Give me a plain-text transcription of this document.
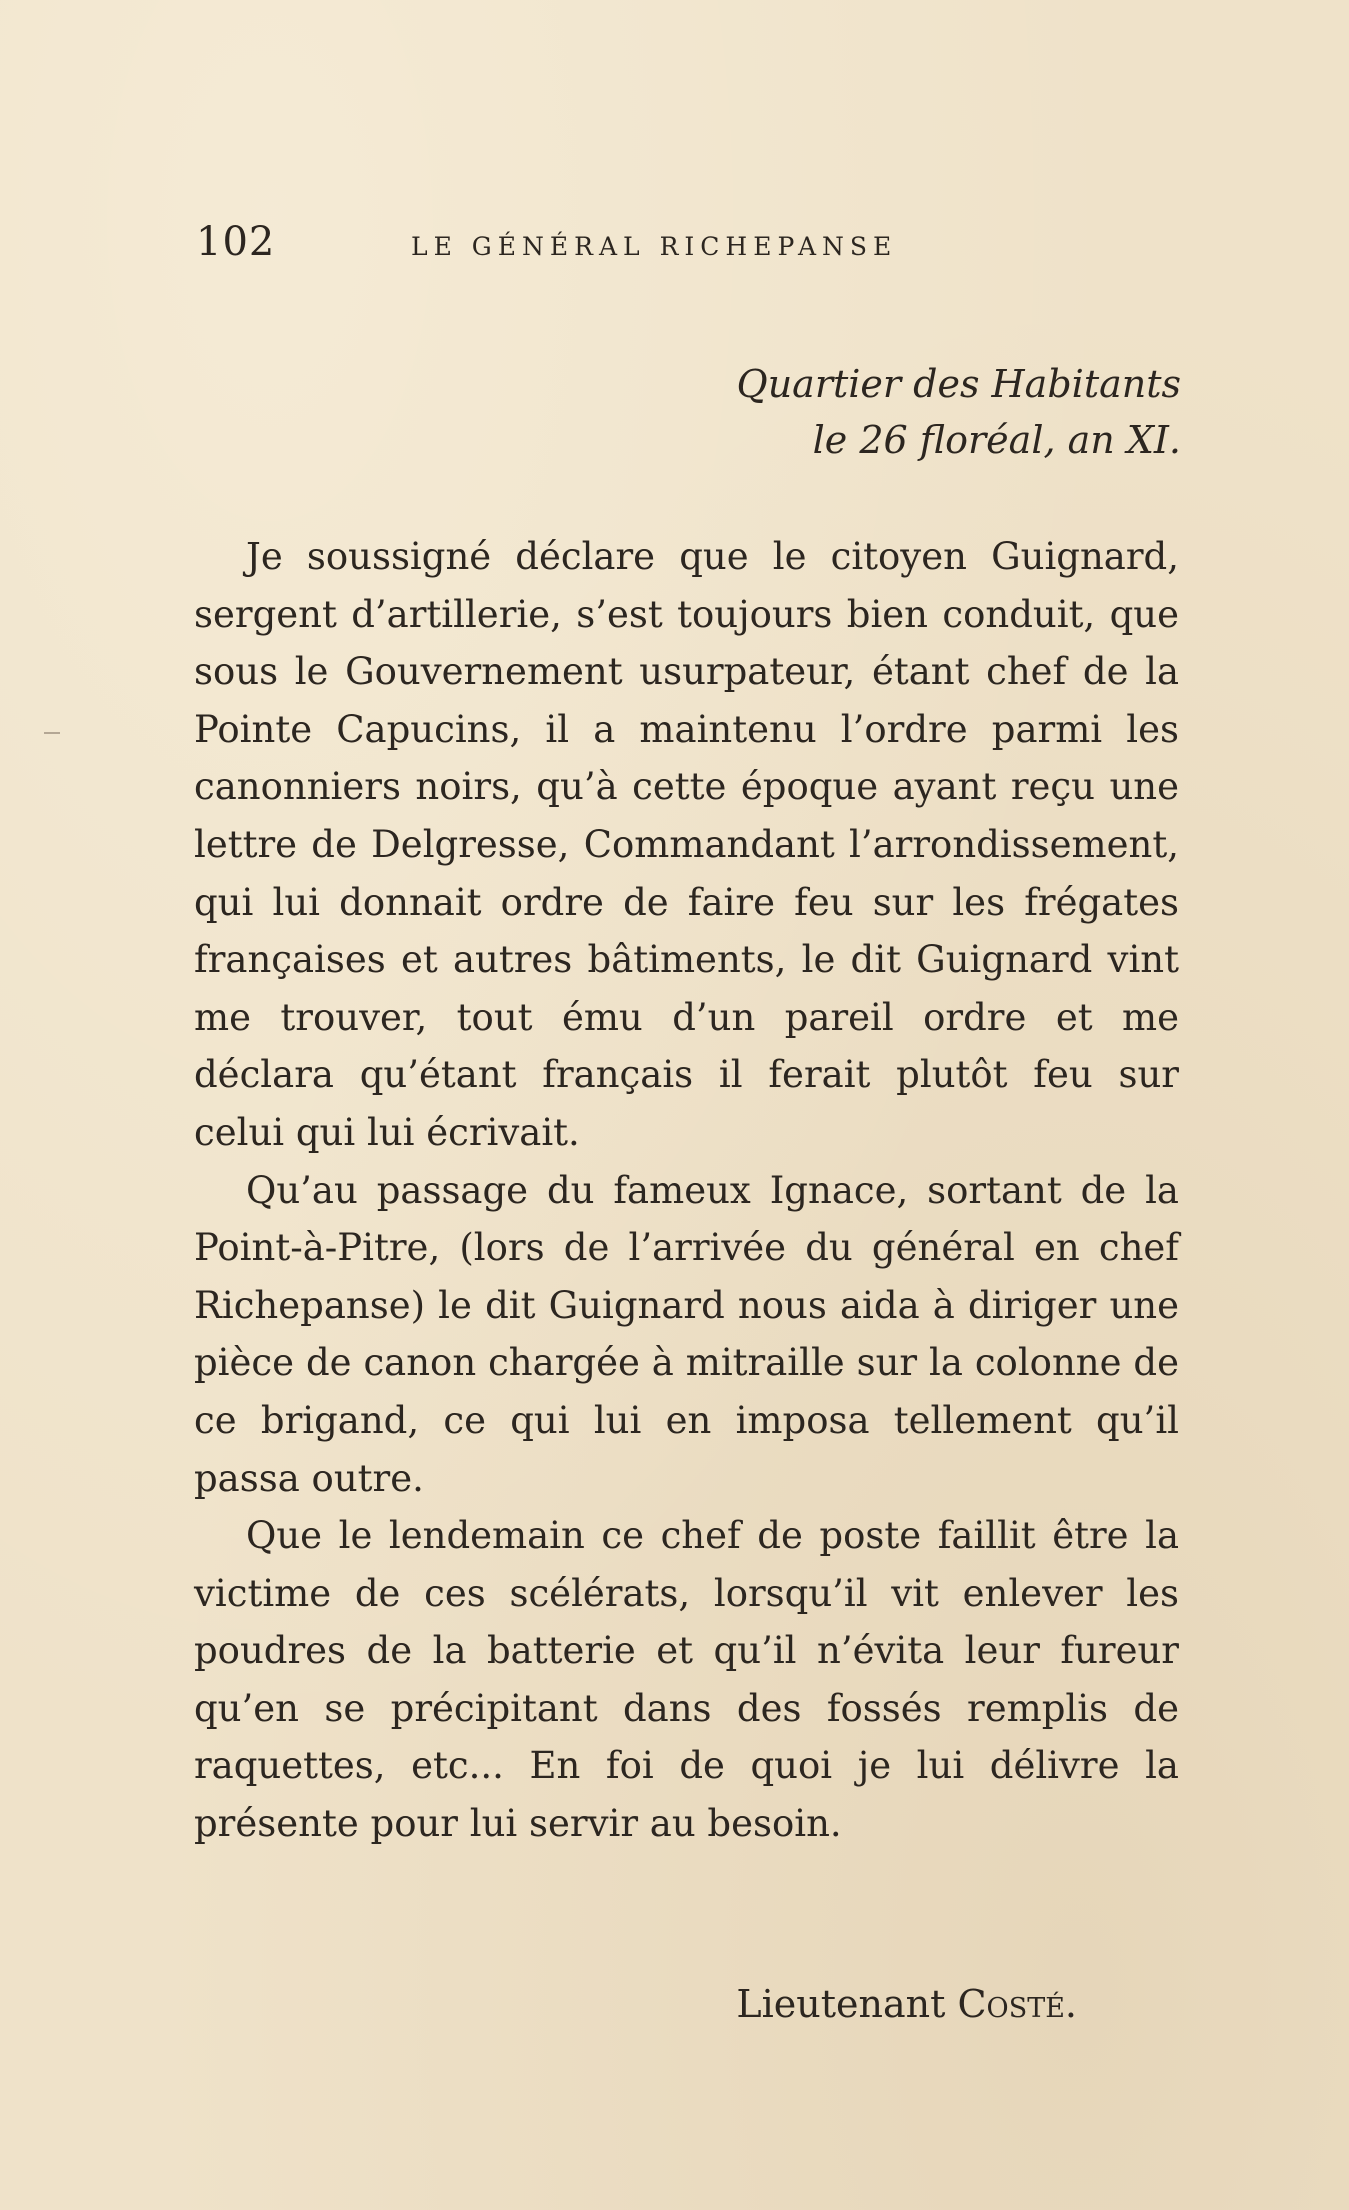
102	LE GÉNÉRAL RICHEPANSE
Quartier des Habitants
le 26 floréal, an XI.

Je soussigné déclare que le citoyen Guignard, sergent d’artillerie, s’est toujours bien conduit, que sous le Gouvernement usurpateur, étant chef de la Pointe Capucins, il a maintenu l’ordre parmi les canonniers noirs, qu’à cette époque ayant reçu une lettre de Delgresse, Commandant l’arrondissement, qui lui donnait ordre de faire feu sur les frégates françaises et autres bâtiments, le dit Guignard vint me trouver, tout ému d’un pareil ordre et me déclara qu’étant français il ferait plutôt feu sur celui qui lui écrivait.

Qu’au passage du fameux Ignace, sortant de la Point-à-Pitre, (lors de l’arrivée du général en chef Richepanse) le dit Guignard nous aida à diriger une pièce de canon chargée à mitraille sur la colonne de ce brigand, ce qui lui en imposa tellement qu’il passa outre.

Que le lendemain ce chef de poste faillit être la victime de ces scélérats, lorsqu’il vit enlever les poudres de la batterie et qu’il n’évita leur fureur qu’en se précipitant dans des fossés remplis de raquettes, etc... En foi de quoi je lui délivre la présente pour lui servir au besoin.

Lieutenant Costé.
